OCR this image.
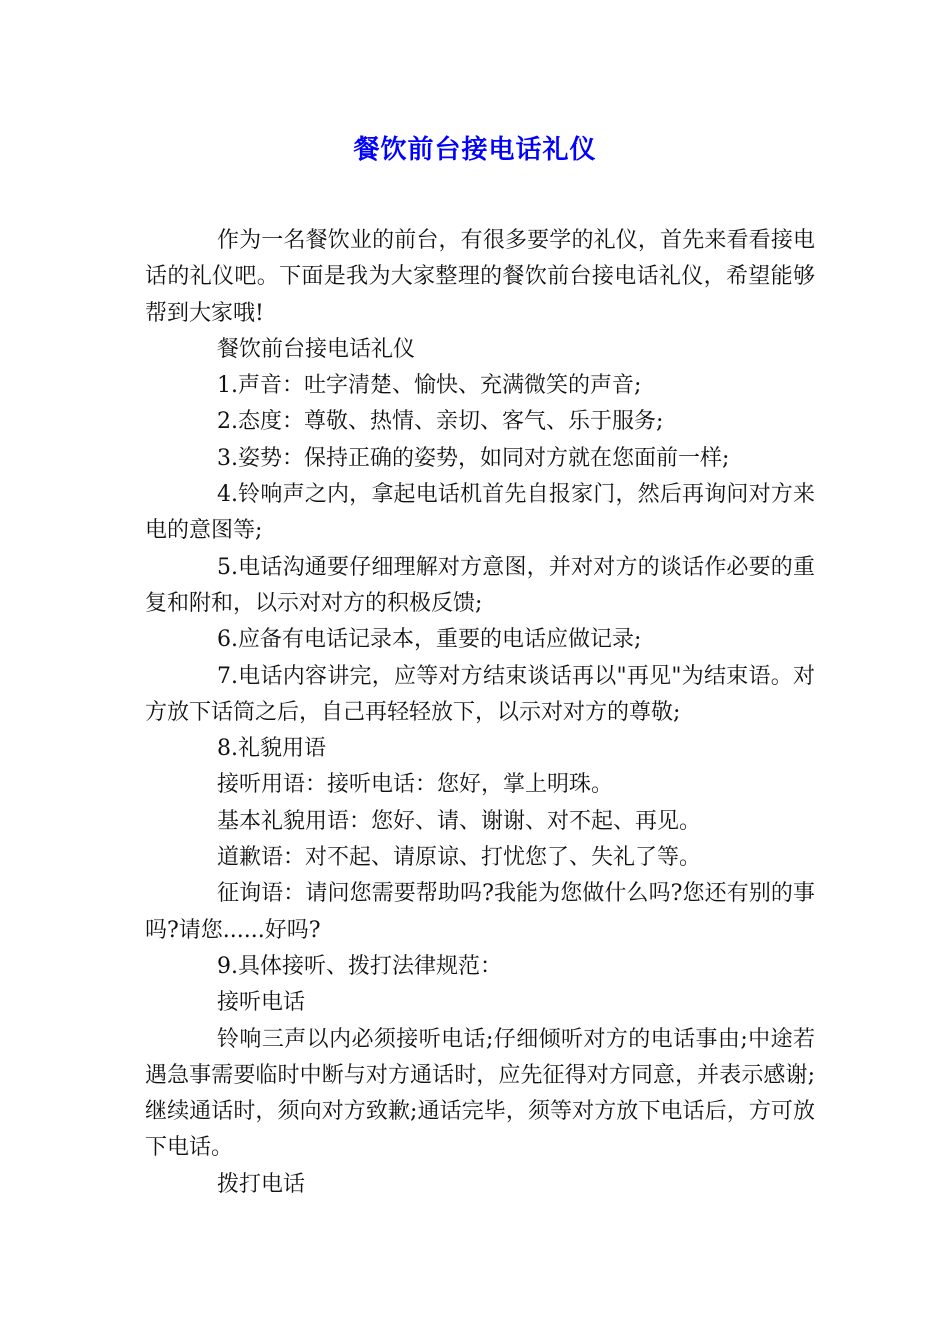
餐饮前台接电话礼仪

作为一名餐饮业的前台，有很多要学的礼仪，首先来看看接电话的礼仪吧。下面是我为大家整理的餐饮前台接电话礼仪，希望能够帮到大家哦!

餐饮前台接电话礼仪

1.声音：吐字清楚、愉快、充满微笑的声音;

2.态度：尊敬、热情、亲切、客气、乐于服务;

3.姿势：保持正确的姿势，如同对方就在您面前一样;

4.铃响声之内，拿起电话机首先自报家门，然后再询问对方来电的意图等;

5.电话沟通要仔细理解对方意图，并对对方的谈话作必要的重复和附和，以示对对方的积极反馈;

6.应备有电话记录本，重要的电话应做记录;

7.电话内容讲完，应等对方结束谈话再以"再见"为结束语。对方放下话筒之后，自己再轻轻放下，以示对对方的尊敬;

8.礼貌用语

接听用语：接听电话：您好，掌上明珠。

基本礼貌用语：您好、请、谢谢、对不起、再见。

道歉语：对不起、请原谅、打忧您了、失礼了等。

征询语：请问您需要帮助吗?我能为您做什么吗?您还有别的事吗?请您......好吗?

9.具体接听、拨打法律规范：

接听电话

铃响三声以内必须接听电话;仔细倾听对方的电话事由;中途若遇急事需要临时中断与对方通话时，应先征得对方同意，并表示感谢;继续通话时，须向对方致歉;通话完毕，须等对方放下电话后，方可放下电话。

拨打电话
